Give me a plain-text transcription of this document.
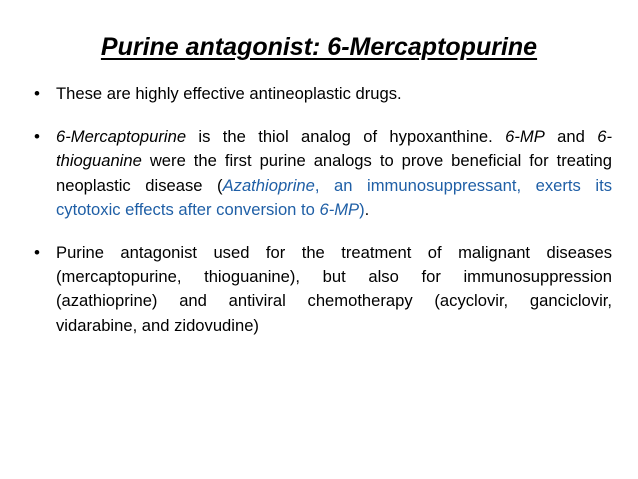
Purine antagonist: 6-Mercaptopurine
• These are highly effective antineoplastic drugs.
• 6-Mercaptopurine is the thiol analog of hypoxanthine. 6-MP and 6-thioguanine were the first purine analogs to prove beneficial for treating neoplastic disease (Azathioprine, an immunosuppressant, exerts its cytotoxic effects after conversion to 6-MP).
• Purine antagonist used for the treatment of malignant diseases (mercaptopurine, thioguanine), but also for immunosuppression (azathioprine) and antiviral chemotherapy (acyclovir, ganciclovir, vidarabine, and zidovudine)
